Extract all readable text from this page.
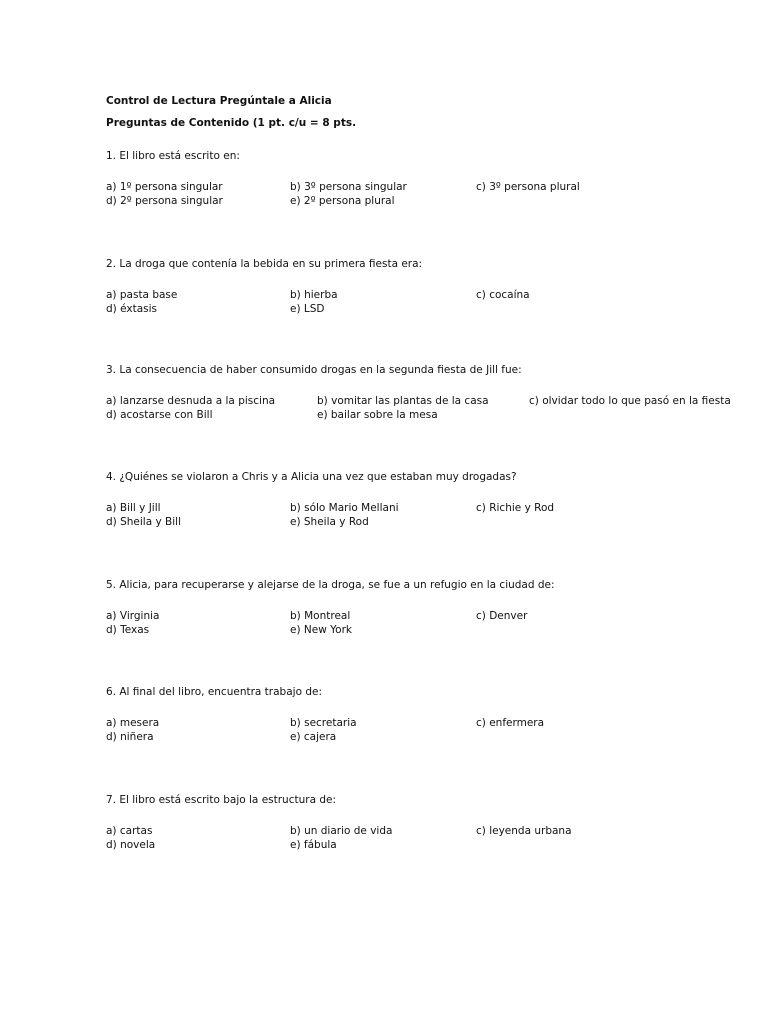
Control de Lectura Pregúntale a Alicia
Preguntas de Contenido (1 pt. c/u = 8 pts.
1. El libro está escrito en:
a) 1º persona singular	b) 3º persona singular	c) 3º persona plural
d) 2º persona singular	e) 2º persona plural
2. La droga que contenía la bebida en su primera fiesta era:
a) pasta base	b) hierba	c) cocaína
d) éxtasis	e) LSD
3. La consecuencia de haber consumido drogas en la segunda fiesta de Jill fue:
a) lanzarse desnuda a la piscina	b) vomitar las plantas de la casa	c) olvidar todo lo que pasó en la fiesta
d) acostarse con Bill	e) bailar sobre la mesa
4. ¿Quiénes se violaron a Chris y a Alicia una vez que estaban muy drogadas?
a) Bill y Jill	b) sólo Mario Mellani	c) Richie y Rod
d) Sheila y Bill	e) Sheila y Rod
5. Alicia, para recuperarse y alejarse de la droga, se fue a un refugio en la ciudad de:
a) Virginia	b) Montreal	c) Denver
d) Texas	e) New York
6. Al final del libro, encuentra trabajo de:
a) mesera	b) secretaria	c) enfermera
d) niñera	e) cajera
7. El libro está escrito bajo la estructura de:
a) cartas	b) un diario de vida	c) leyenda urbana
d) novela	e) fábula
